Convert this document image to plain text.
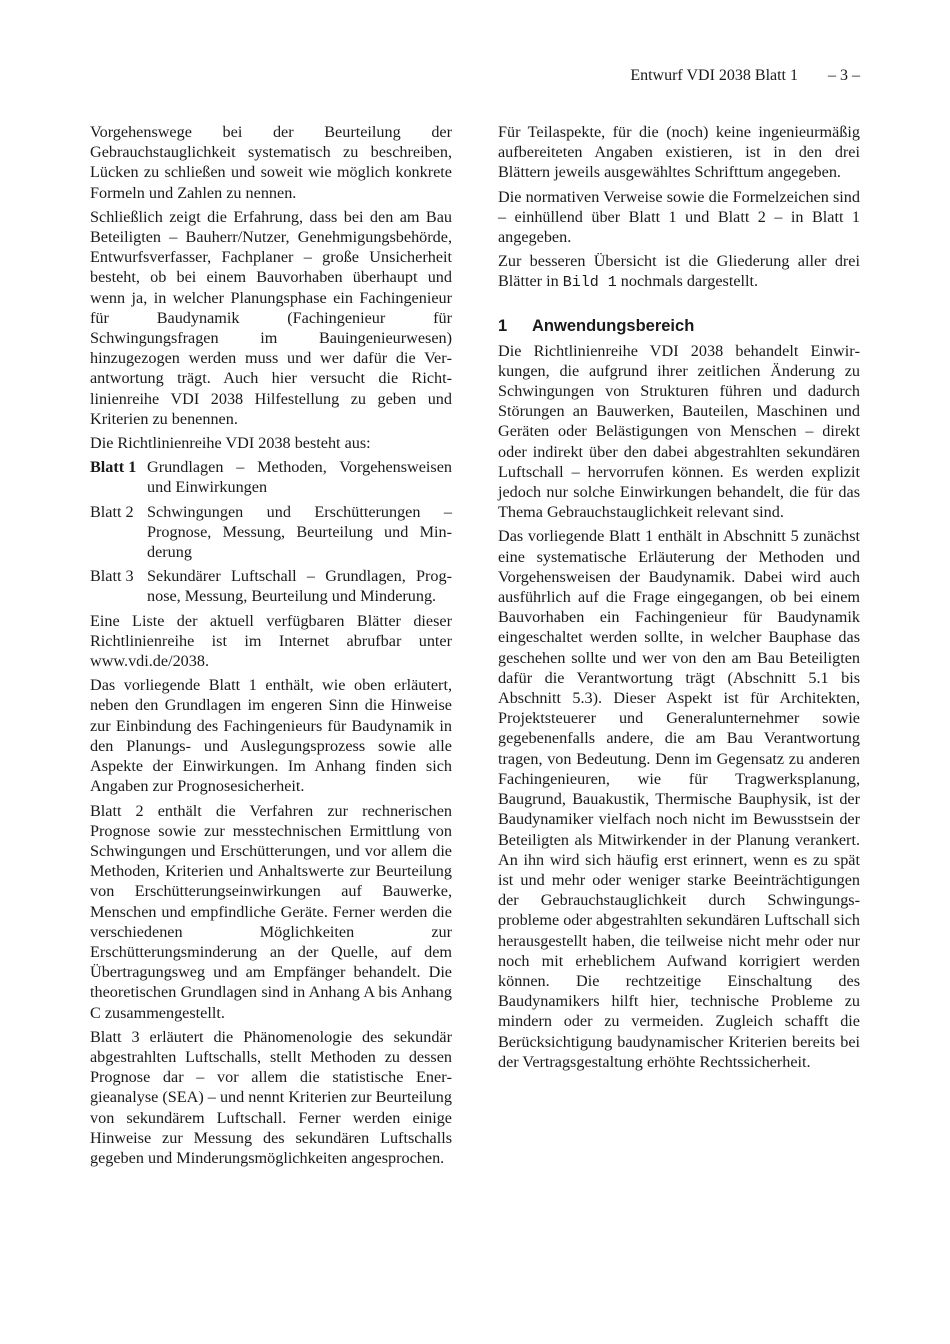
Entwurf VDI 2038 Blatt 1 – 3 –

Vorgehenswege bei der Beurteilung der Gebrauchstauglichkeit systematisch zu beschreiben, Lücken zu schließen und soweit wie möglich konkrete Formeln und Zahlen zu nennen.

Schließlich zeigt die Erfahrung, dass bei den am Bau Beteiligten – Bauherr/Nutzer, Genehmigungsbehörde, Entwurfsverfasser, Fachplaner – große Unsicherheit besteht, ob bei einem Bauvorhaben überhaupt und wenn ja, in welcher Planungsphase ein Fachingenieur für Baudynamik (Fachingenieur für Schwingungsfragen im Bauingenieurwesen) hinzugezogen werden muss und wer dafür die Verantwortung trägt. Auch hier versucht die Richtlinienreihe VDI 2038 Hilfestellung zu geben und Kriterien zu benennen.

Die Richtlinienreihe VDI 2038 besteht aus:

Blatt 1 Grundlagen – Methoden, Vorgehensweisen und Einwirkungen
Blatt 2 Schwingungen und Erschütterungen – Prognose, Messung, Beurteilung und Minderung
Blatt 3 Sekundärer Luftschall – Grundlagen, Prognose, Messung, Beurteilung und Minderung.

Eine Liste der aktuell verfügbaren Blätter dieser Richtlinienreihe ist im Internet abrufbar unter www.vdi.de/2038.

Das vorliegende Blatt 1 enthält, wie oben erläutert, neben den Grundlagen im engeren Sinn die Hinweise zur Einbindung des Fachingenieurs für Baudynamik in den Planungs- und Auslegungsprozess sowie alle Aspekte der Einwirkungen. Im Anhang finden sich Angaben zur Prognosesicherheit.

Blatt 2 enthält die Verfahren zur rechnerischen Prognose sowie zur messtechnischen Ermittlung von Schwingungen und Erschütterungen, und vor allem die Methoden, Kriterien und Anhaltswerte zur Beurteilung von Erschütterungseinwirkungen auf Bauwerke, Menschen und empfindliche Geräte. Ferner werden die verschiedenen Möglichkeiten zur Erschütterungsminderung an der Quelle, auf dem Übertragungsweg und am Empfänger behandelt. Die theoretischen Grundlagen sind in Anhang A bis Anhang C zusammengestellt.

Blatt 3 erläutert die Phänomenologie des sekundär abgestrahlten Luftschalls, stellt Methoden zu dessen Prognose dar – vor allem die statistische Energieanalyse (SEA) – und nennt Kriterien zur Beurteilung von sekundärem Luftschall. Ferner werden einige Hinweise zur Messung des sekundären Luftschalls gegeben und Minderungsmöglichkeiten angesprochen.

Für Teilaspekte, für die (noch) keine ingenieurmäßig aufbereiteten Angaben existieren, ist in den drei Blättern jeweils ausgewähltes Schrifttum angegeben.

Die normativen Verweise sowie die Formelzeichen sind – einhüllend über Blatt 1 und Blatt 2 – in Blatt 1 angegeben.

Zur besseren Übersicht ist die Gliederung aller drei Blätter in Bild 1 nochmals dargestellt.

1	Anwendungsbereich

Die Richtlinienreihe VDI 2038 behandelt Einwirkungen, die aufgrund ihrer zeitlichen Änderung zu Schwingungen von Strukturen führen und dadurch Störungen an Bauwerken, Bauteilen, Maschinen und Geräten oder Belästigungen von Menschen – direkt oder indirekt über den dabei abgestrahlten sekundären Luftschall – hervorrufen können. Es werden explizit jedoch nur solche Einwirkungen behandelt, die für das Thema Gebrauchstauglichkeit relevant sind.

Das vorliegende Blatt 1 enthält in Abschnitt 5 zunächst eine systematische Erläuterung der Methoden und Vorgehensweisen der Baudynamik. Dabei wird auch ausführlich auf die Frage eingegangen, ob bei einem Bauvorhaben ein Fachingenieur für Baudynamik eingeschaltet werden sollte, in welcher Bauphase das geschehen sollte und wer von den am Bau Beteiligten dafür die Verantwortung trägt (Abschnitt 5.1 bis Abschnitt 5.3). Dieser Aspekt ist für Architekten, Projektsteuerer und Generalunternehmer sowie gegebenenfalls andere, die am Bau Verantwortung tragen, von Bedeutung. Denn im Gegensatz zu anderen Fachingenieuren, wie für Tragwerksplanung, Baugrund, Bauakustik, Thermische Bauphysik, ist der Baudynamiker vielfach noch nicht im Bewusstsein der Beteiligten als Mitwirkender in der Planung verankert. An ihn wird sich häufig erst erinnert, wenn es zu spät ist und mehr oder weniger starke Beeinträchtigungen der Gebrauchstauglichkeit durch Schwingungsprobleme oder abgestrahlten sekundären Luftschall sich herausgestellt haben, die teilweise nicht mehr oder nur noch mit erheblichem Aufwand korrigiert werden können. Die rechtzeitige Einschaltung des Baudynamikers hilft hier, technische Probleme zu mindern oder zu vermeiden. Zugleich schafft die Berücksichtigung baudynamischer Kriterien bereits bei der Vertragsgestaltung erhöhte Rechtssicherheit.
